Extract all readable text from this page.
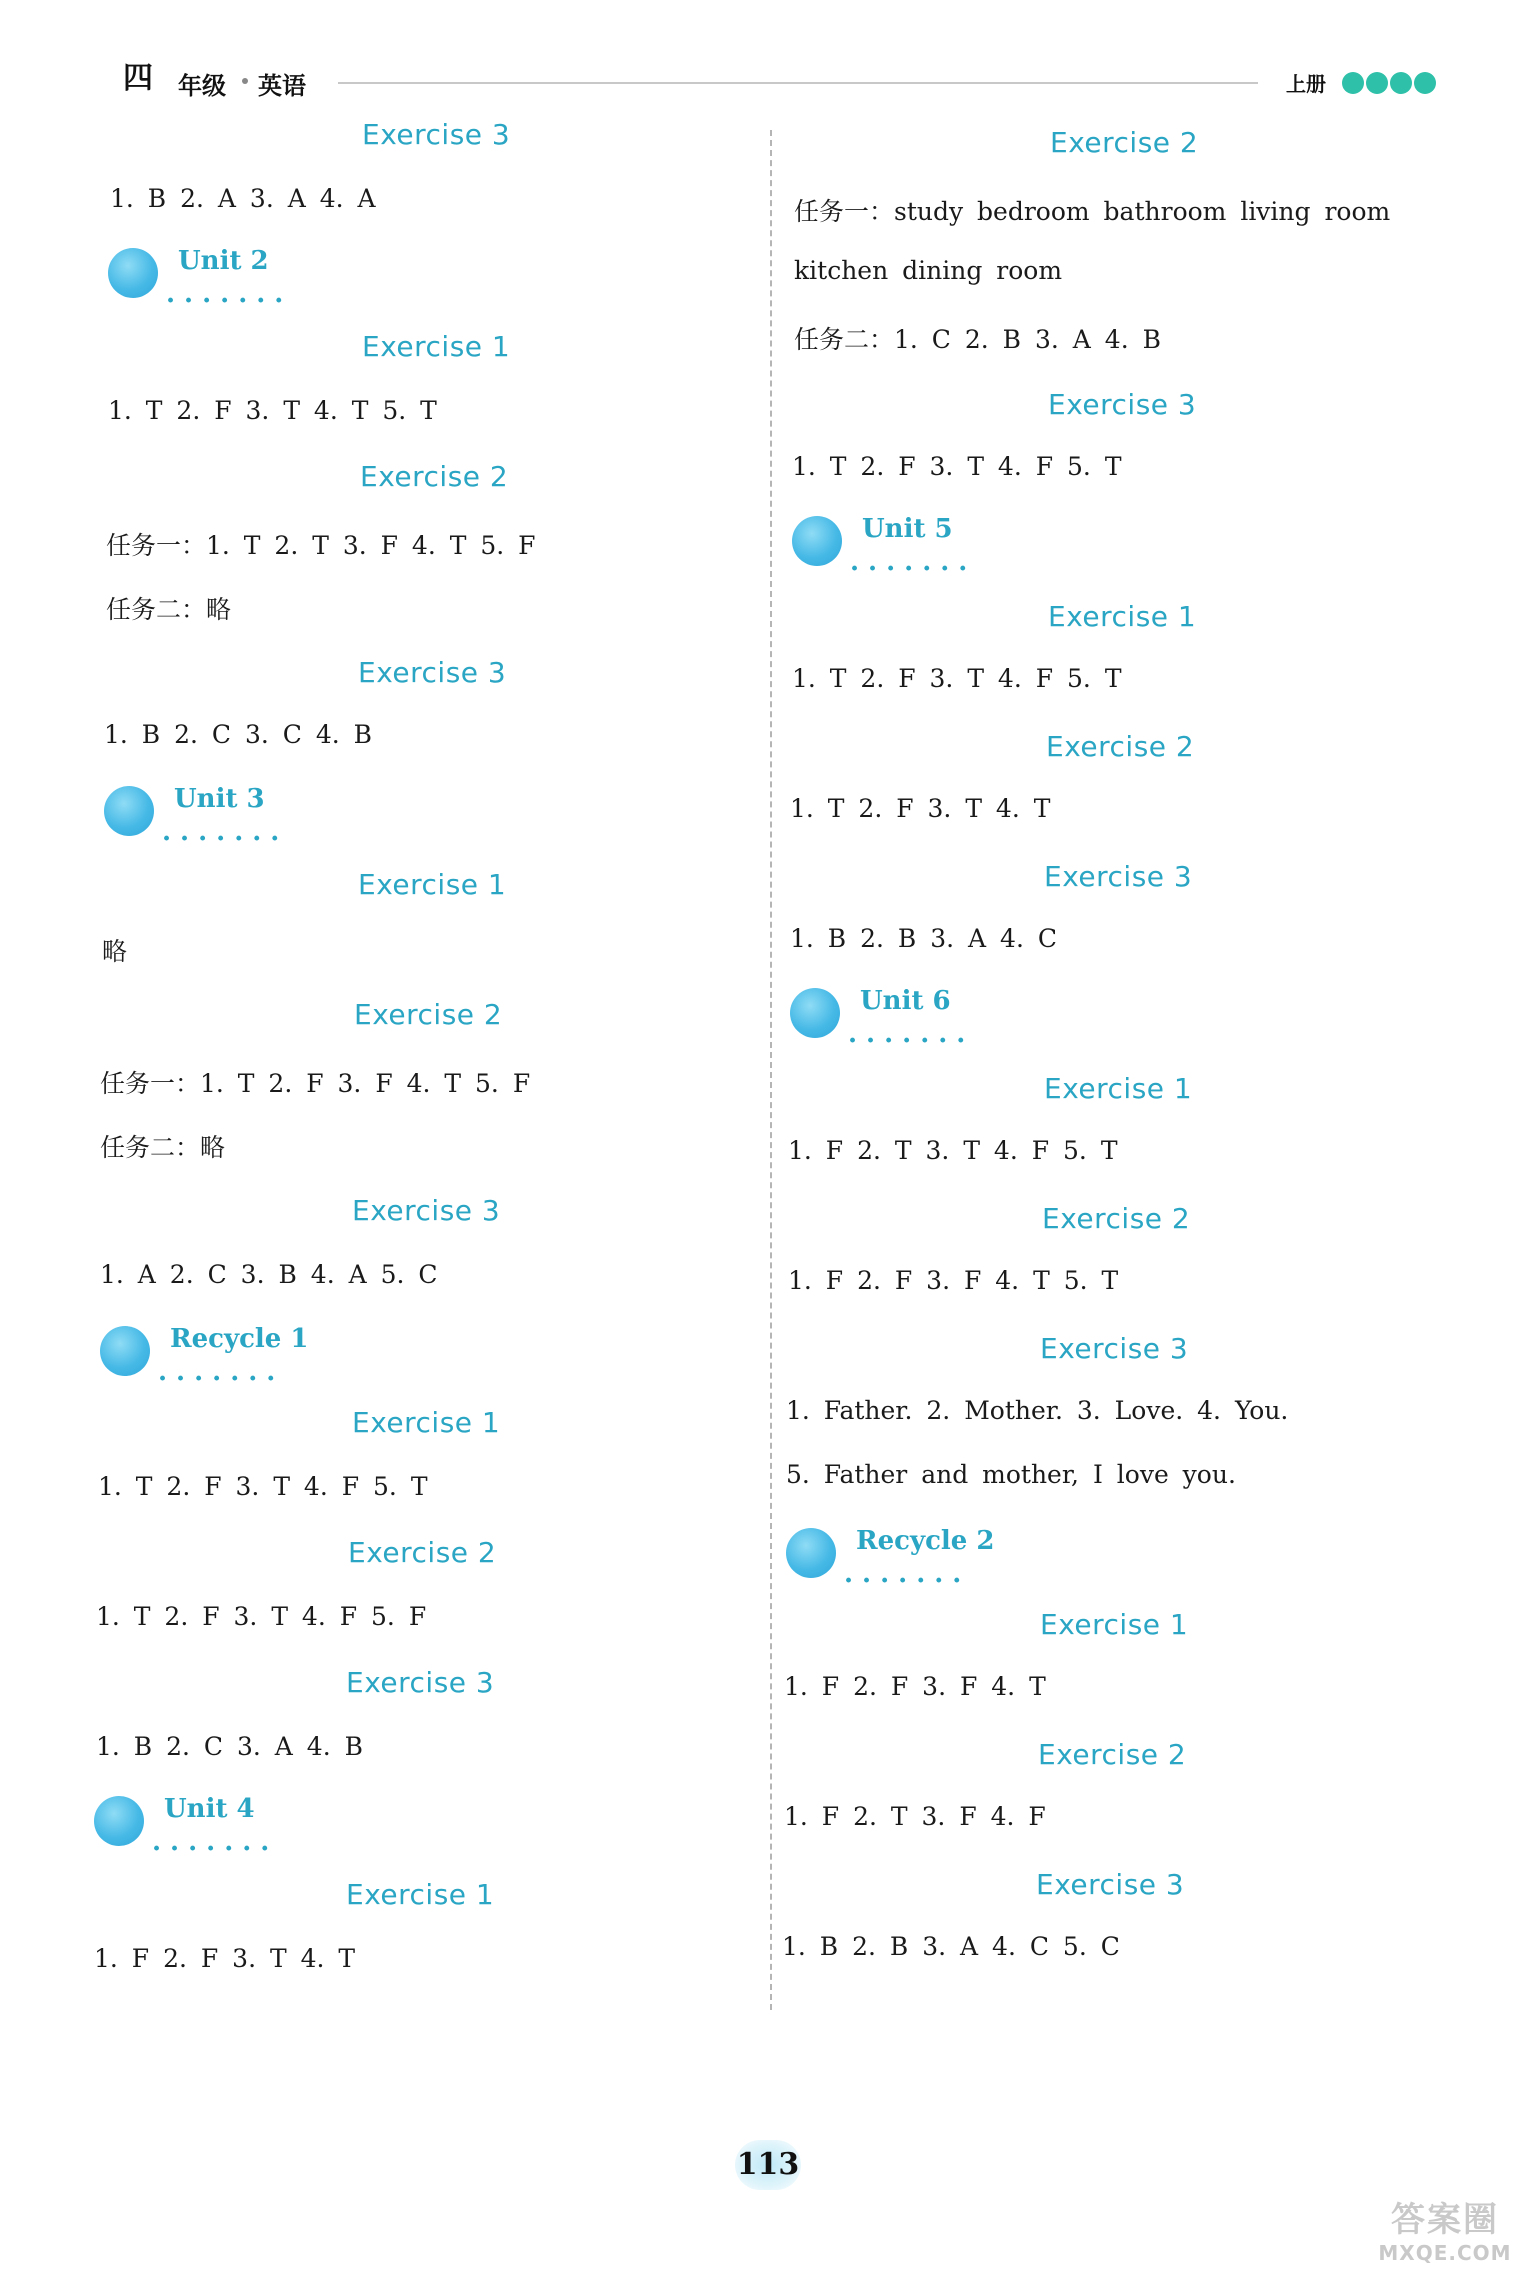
四 年级 英语	上册
Exercise 3
1. B 2. A 3. A 4. A
Unit 2
·······
Exercise 1
1. T 2. F 3. T 4. T 5. T
Exercise 2
任务一：1. T 2. T 3. F 4. T 5. F
任务二：略
Exercise 3
1. B 2. C 3. C 4. B
Unit 3
·······
Exercise 1
略
Exercise 2
任务一：1. T 2. F 3. F 4. T 5. F
任务二：略
Exercise 3
1. A 2. C 3. B 4. A 5. C
Recycle 1
·······
Exercise 1
1. T 2. F 3. T 4. F 5. T
Exercise 2
1. T 2. F 3. T 4. F 5. F
Exercise 3
1. B 2. C 3. A 4. B
Unit 4
·······
Exercise 1
1. F 2. F 3. T 4. T
Exercise 2
任务一：study bedroom bathroom living room
kitchen dining room
任务二：1. C 2. B 3. A 4. B
Exercise 3
1. T 2. F 3. T 4. F 5. T
Unit 5
·······
Exercise 1
1. T 2. F 3. T 4. F 5. T
Exercise 2
1. T 2. F 3. T 4. T
Exercise 3
1. B 2. B 3. A 4. C
Unit 6
·······
Exercise 1
1. F 2. T 3. T 4. F 5. T
Exercise 2
1. F 2. F 3. F 4. T 5. T
Exercise 3
1. Father. 2. Mother. 3. Love. 4. You.
5. Father and mother, I love you.
Recycle 2
·······
Exercise 1
1. F 2. F 3. F 4. T
Exercise 2
1. F 2. T 3. F 4. F
Exercise 3
1. B 2. B 3. A 4. C 5. C
113
答案圈
MXQE.COM
